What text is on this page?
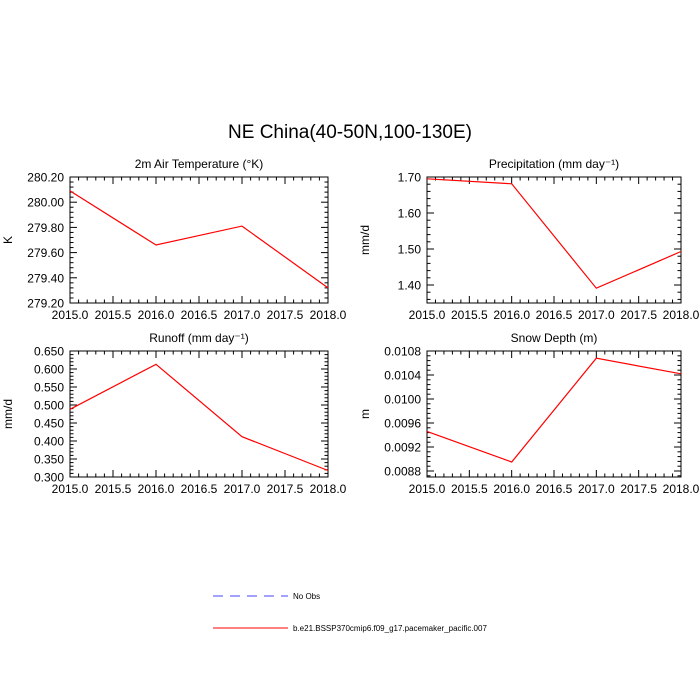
NE China(40-50N,100-130E)
2m Air Temperature (°K)
K
2015.0 2015.5 2016.0 2016.5 2017.0 2017.5 2018.0
279.20
279.40
279.60
279.80
280.00
280.20
Precipitation (mm day⁻¹)
mm/d
2015.0 2015.5 2016.0 2016.5 2017.0 2017.5 2018.0
1.40
1.50
1.60
1.70
Runoff (mm day⁻¹)
mm/d
2015.0 2015.5 2016.0 2016.5 2017.0 2017.5 2018.0
0.300
0.350
0.400
0.450
0.500
0.550
0.600
0.650
Snow Depth (m)
m
2015.0 2015.5 2016.0 2016.5 2017.0 2017.5 2018.0
0.0088
0.0092
0.0096
0.0100
0.0104
0.0108
No Obs
b.e21.BSSP370cmip6.f09_g17.pacemaker_pacific.007
